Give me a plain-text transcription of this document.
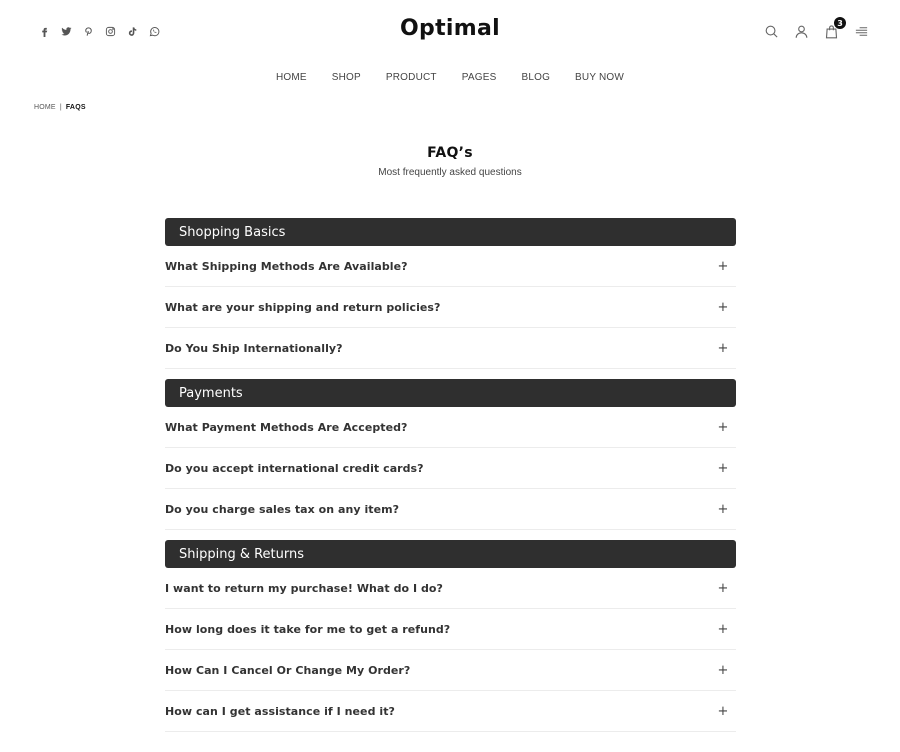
Optimal	3
HOME	SHOP	PRODUCT	PAGES	BLOG	BUY NOW
HOME | FAQS
FAQ’s

Most frequently asked questions

Shopping Basics
What Shipping Methods Are Available?	+
What are your shipping and return policies?	+
Do You Ship Internationally?	+
Payments
What Payment Methods Are Accepted?	+
Do you accept international credit cards?	+
Do you charge sales tax on any item?	+
Shipping & Returns
I want to return my purchase! What do I do?	+
How long does it take for me to get a refund?	+
How Can I Cancel Or Change My Order?	+
How can I get assistance if I need it?	+
